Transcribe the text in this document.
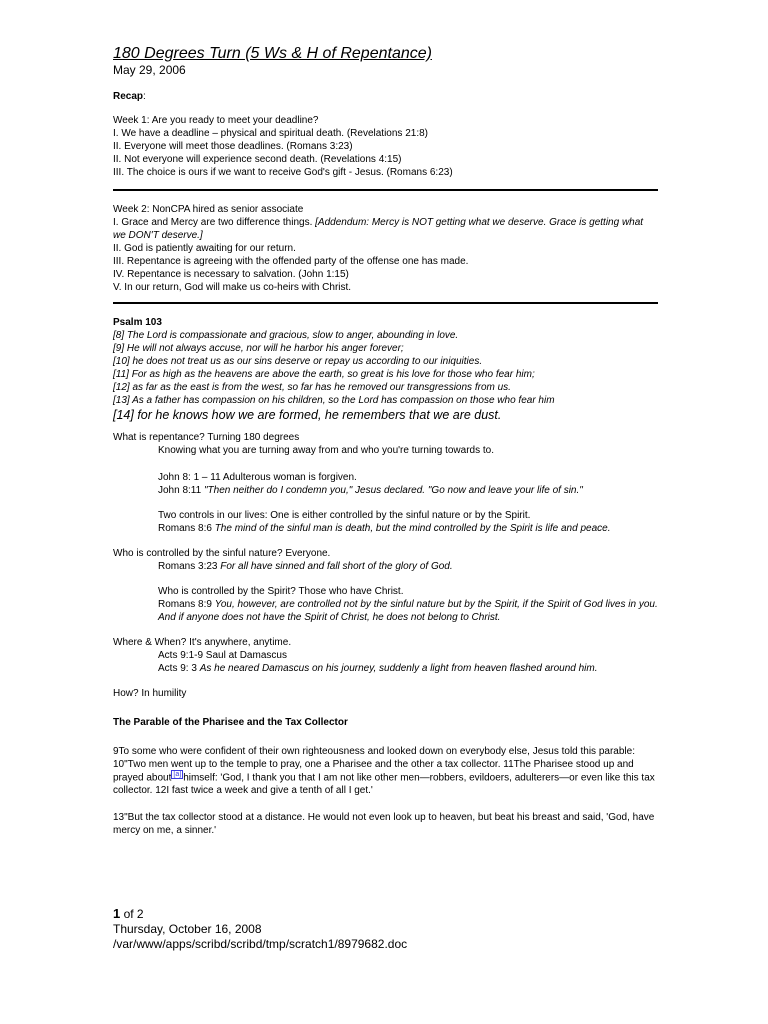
180 Degrees Turn (5 Ws & H of Repentance)

May 29, 2006

Recap:

Week 1: Are you ready to meet your deadline?

I. We have a deadline – physical and spiritual death. (Revelations 21:8)

II. Everyone will meet those deadlines. (Romans 3:23)

II. Not everyone will experience second death. (Revelations 4:15)

III. The choice is ours if we want to receive God's gift - Jesus. (Romans 6:23)

Week 2: NonCPA hired as senior associate

I. Grace and Mercy are two difference things. [Addendum: Mercy is NOT getting what we deserve. Grace is getting what we DON'T deserve.]

II. God is patiently awaiting for our return.

III. Repentance is agreeing with the offended party of the offense one has made.

IV. Repentance is necessary to salvation. (John 1:15)

V. In our return, God will make us co-heirs with Christ.

Psalm 103

[8] The Lord is compassionate and gracious, slow to anger, abounding in love.

[9] He will not always accuse, nor will he harbor his anger forever;

[10] he does not treat us as our sins deserve or repay us according to our iniquities.

[11] For as high as the heavens are above the earth, so great is his love for those who fear him;

[12] as far as the east is from the west, so far has he removed our transgressions from us.

[13] As a father has compassion on his children, so the Lord has compassion on those who fear him

[14] for he knows how we are formed, he remembers that we are dust.

What is repentance? Turning 180 degrees

Knowing what you are turning away from and who you're turning towards to.

John 8: 1 – 11 Adulterous woman is forgiven.

John 8:11 "Then neither do I condemn you," Jesus declared. "Go now and leave your life of sin."

Two controls in our lives: One is either controlled by the sinful nature or by the Spirit.

Romans 8:6 The mind of the sinful man is death, but the mind controlled by the Spirit is life and peace.

Who is controlled by the sinful nature? Everyone.

Romans 3:23 For all have sinned and fall short of the glory of God.

Who is controlled by the Spirit? Those who have Christ.

Romans 8:9 You, however, are controlled not by the sinful nature but by the Spirit, if the Spirit of God lives in you. And if anyone does not have the Spirit of Christ, he does not belong to Christ.

Where & When? It's anywhere, anytime.

Acts 9:1-9 Saul at Damascus

Acts 9: 3 As he neared Damascus on his journey, suddenly a light from heaven flashed around him.

How? In humility

The Parable of the Pharisee and the Tax Collector

9To some who were confident of their own righteousness and looked down on everybody else, Jesus told this parable: 10"Two men went up to the temple to pray, one a Pharisee and the other a tax collector. 11The Pharisee stood up and prayed about [a] himself: 'God, I thank you that I am not like other men—robbers, evildoers, adulterers—or even like this tax collector. 12I fast twice a week and give a tenth of all I get.'

13"But the tax collector stood at a distance. He would not even look up to heaven, but beat his breast and said, 'God, have mercy on me, a sinner.'

1 of 2

Thursday, October 16, 2008

/var/www/apps/scribd/scribd/tmp/scratch1/8979682.doc
